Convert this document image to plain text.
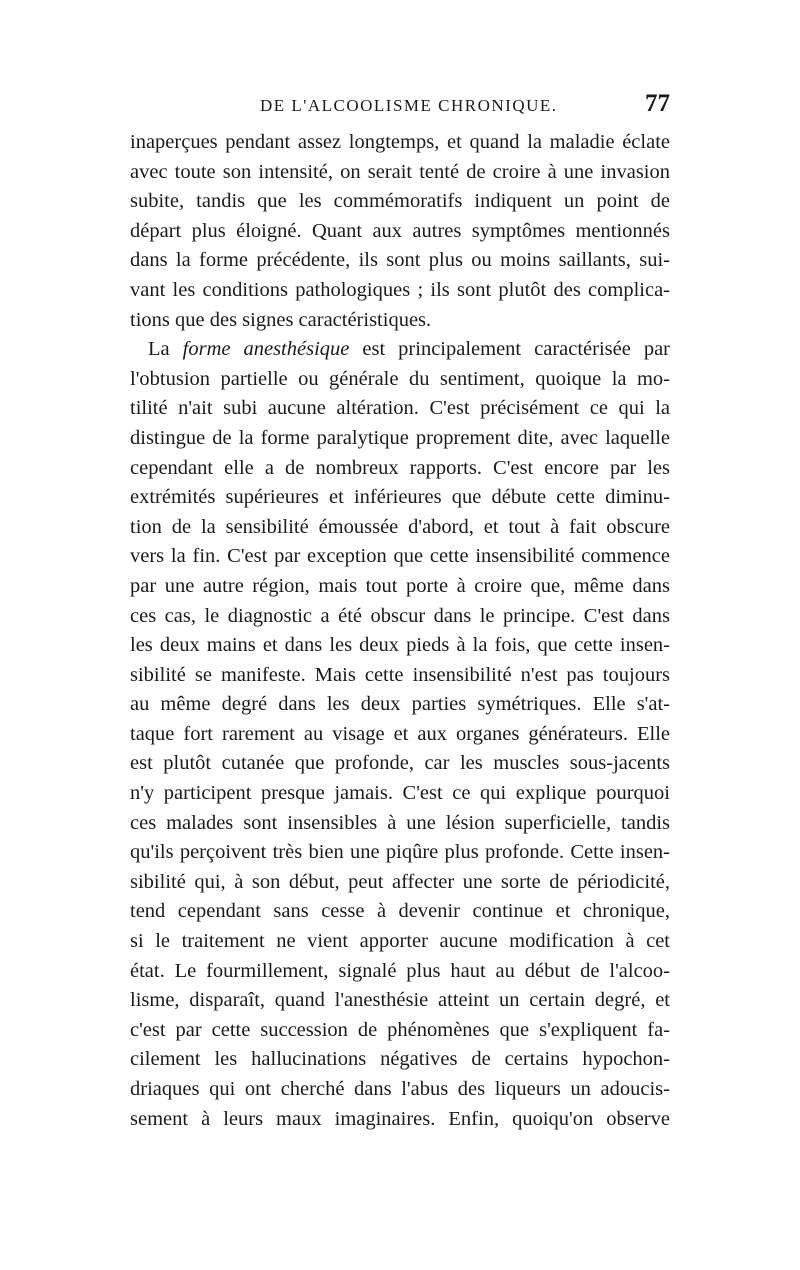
DE L'ALCOOLISME CHRONIQUE.	77
inaperçues pendant assez longtemps, et quand la maladie éclate
avec toute son intensité, on serait tenté de croire à une invasion
subite, tandis que les commémoratifs indiquent un point de
départ plus éloigné. Quant aux autres symptômes mentionnés
dans la forme précédente, ils sont plus ou moins saillants, sui-
vant les conditions pathologiques ; ils sont plutôt des complica-
tions que des signes caractéristiques.
La forme anesthésique est principalement caractérisée par
l'obtusion partielle ou générale du sentiment, quoique la mo-
tilité n'ait subi aucune altération. C'est précisément ce qui la
distingue de la forme paralytique proprement dite, avec laquelle
cependant elle a de nombreux rapports. C'est encore par les
extrémités supérieures et inférieures que débute cette diminu-
tion de la sensibilité émoussée d'abord, et tout à fait obscure
vers la fin. C'est par exception que cette insensibilité commence
par une autre région, mais tout porte à croire que, même dans
ces cas, le diagnostic a été obscur dans le principe. C'est dans
les deux mains et dans les deux pieds à la fois, que cette insen-
sibilité se manifeste. Mais cette insensibilité n'est pas toujours
au même degré dans les deux parties symétriques. Elle s'at-
taque fort rarement au visage et aux organes générateurs. Elle
est plutôt cutanée que profonde, car les muscles sous-jacents
n'y participent presque jamais. C'est ce qui explique pourquoi
ces malades sont insensibles à une lésion superficielle, tandis
qu'ils perçoivent très bien une piqûre plus profonde. Cette insen-
sibilité qui, à son début, peut affecter une sorte de périodicité,
tend cependant sans cesse à devenir continue et chronique,
si le traitement ne vient apporter aucune modification à cet
état. Le fourmillement, signalé plus haut au début de l'alcoo-
lisme, disparaît, quand l'anesthésie atteint un certain degré, et
c'est par cette succession de phénomènes que s'expliquent fa-
cilement les hallucinations négatives de certains hypochon-
driaques qui ont cherché dans l'abus des liqueurs un adoucis-
sement à leurs maux imaginaires. Enfin, quoiqu'on observe
